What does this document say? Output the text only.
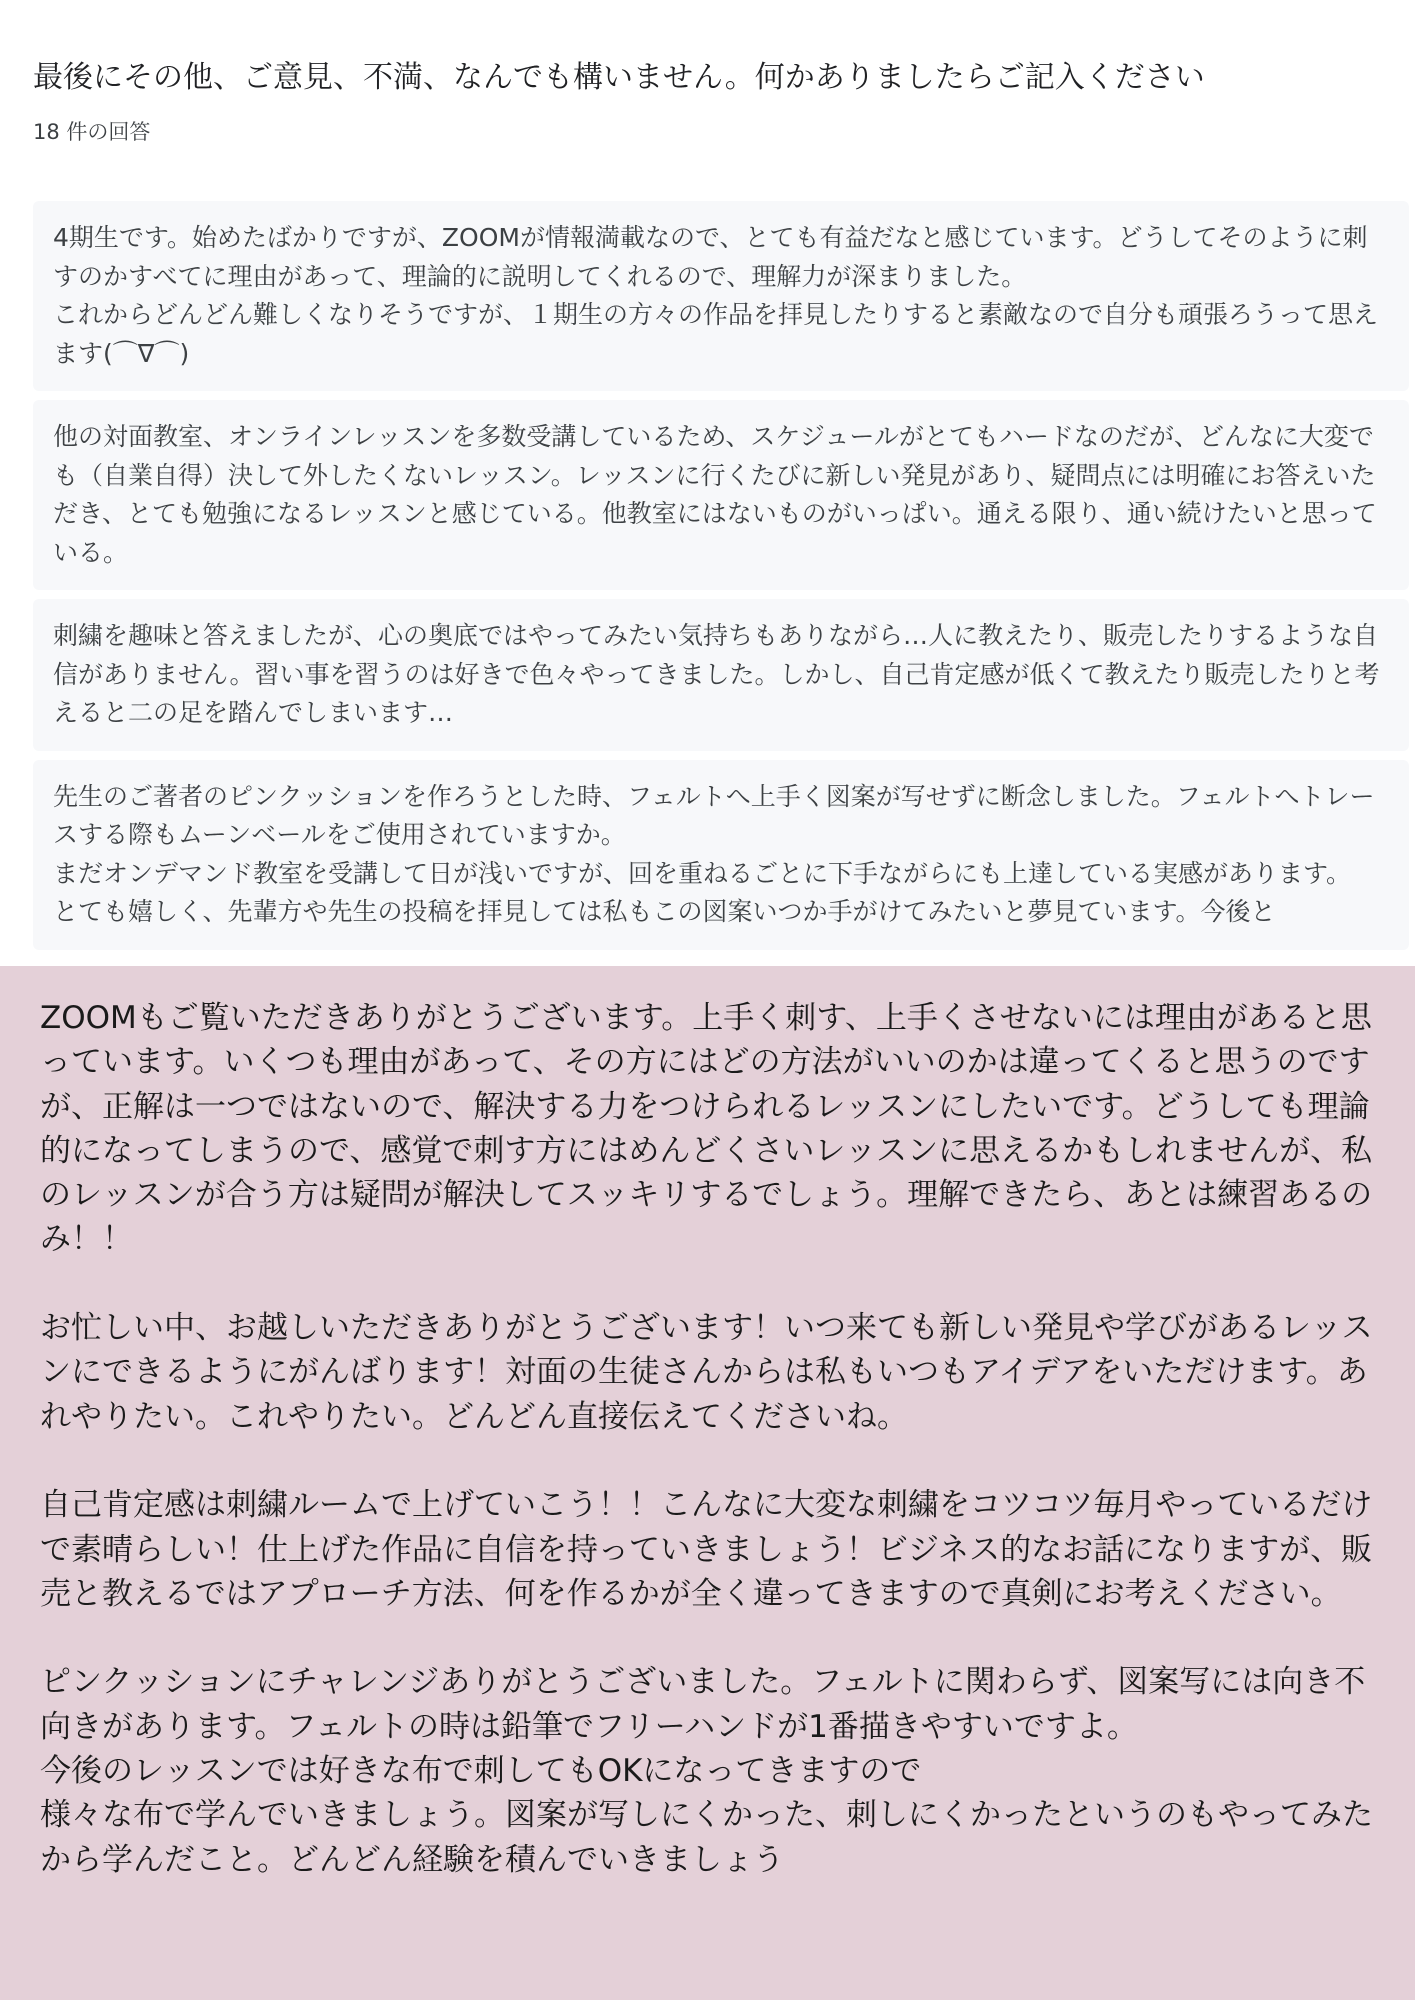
最後にその他、ご意見、不満、なんでも構いません。何かありましたらご記入ください
18 件の回答
4期生です。始めたばかりですが、ZOOMが情報満載なので、とても有益だなと感じています。どうしてそのように刺すのかすべてに理由があって、理論的に説明してくれるので、理解力が深まりました。
これからどんどん難しくなりそうですが、１期生の方々の作品を拝見したりすると素敵なので自分も頑張ろうって思えます(⌒∇⌒)
他の対面教室、オンラインレッスンを多数受講しているため、スケジュールがとてもハードなのだが、どんなに大変でも（自業自得）決して外したくないレッスン。レッスンに行くたびに新しい発見があり、疑問点には明確にお答えいただき、とても勉強になるレッスンと感じている。他教室にはないものがいっぱい。通える限り、通い続けたいと思っている。
刺繍を趣味と答えましたが、心の奥底ではやってみたい気持ちもありながら…人に教えたり、販売したりするような自信がありません。習い事を習うのは好きで色々やってきました。しかし、自己肯定感が低くて教えたり販売したりと考えると二の足を踏んでしまいます…
先生のご著者のピンクッションを作ろうとした時、フェルトへ上手く図案が写せずに断念しました。フェルトへトレースする際もムーンベールをご使用されていますか。
まだオンデマンド教室を受講して日が浅いですが、回を重ねるごとに下手ながらにも上達している実感があります。
とても嬉しく、先輩方や先生の投稿を拝見しては私もこの図案いつか手がけてみたいと夢見ています。今後と
ZOOMもご覧いただきありがとうございます。上手く刺す、上手くさせないには理由があると思っています。いくつも理由があって、その方にはどの方法がいいのかは違ってくると思うのですが、正解は一つではないので、解決する力をつけられるレッスンにしたいです。どうしても理論的になってしまうので、感覚で刺す方にはめんどくさいレッスンに思えるかもしれませんが、私のレッスンが合う方は疑問が解決してスッキリするでしょう。理解できたら、あとは練習あるのみ！！

お忙しい中、お越しいただきありがとうございます！いつ来ても新しい発見や学びがあるレッスンにできるようにがんばります！対面の生徒さんからは私もいつもアイデアをいただけます。あれやりたい。これやりたい。どんどん直接伝えてくださいね。

自己肯定感は刺繍ルームで上げていこう！！こんなに大変な刺繍をコツコツ毎月やっているだけで素晴らしい！仕上げた作品に自信を持っていきましょう！ビジネス的なお話になりますが、販売と教えるではアプローチ方法、何を作るかが全く違ってきますので真剣にお考えください。

ピンクッションにチャレンジありがとうございました。フェルトに関わらず、図案写には向き不向きがあります。フェルトの時は鉛筆でフリーハンドが1番描きやすいですよ。
今後のレッスンでは好きな布で刺してもOKになってきますので
様々な布で学んでいきましょう。図案が写しにくかった、刺しにくかったというのもやってみたから学んだこと。どんどん経験を積んでいきましょう
